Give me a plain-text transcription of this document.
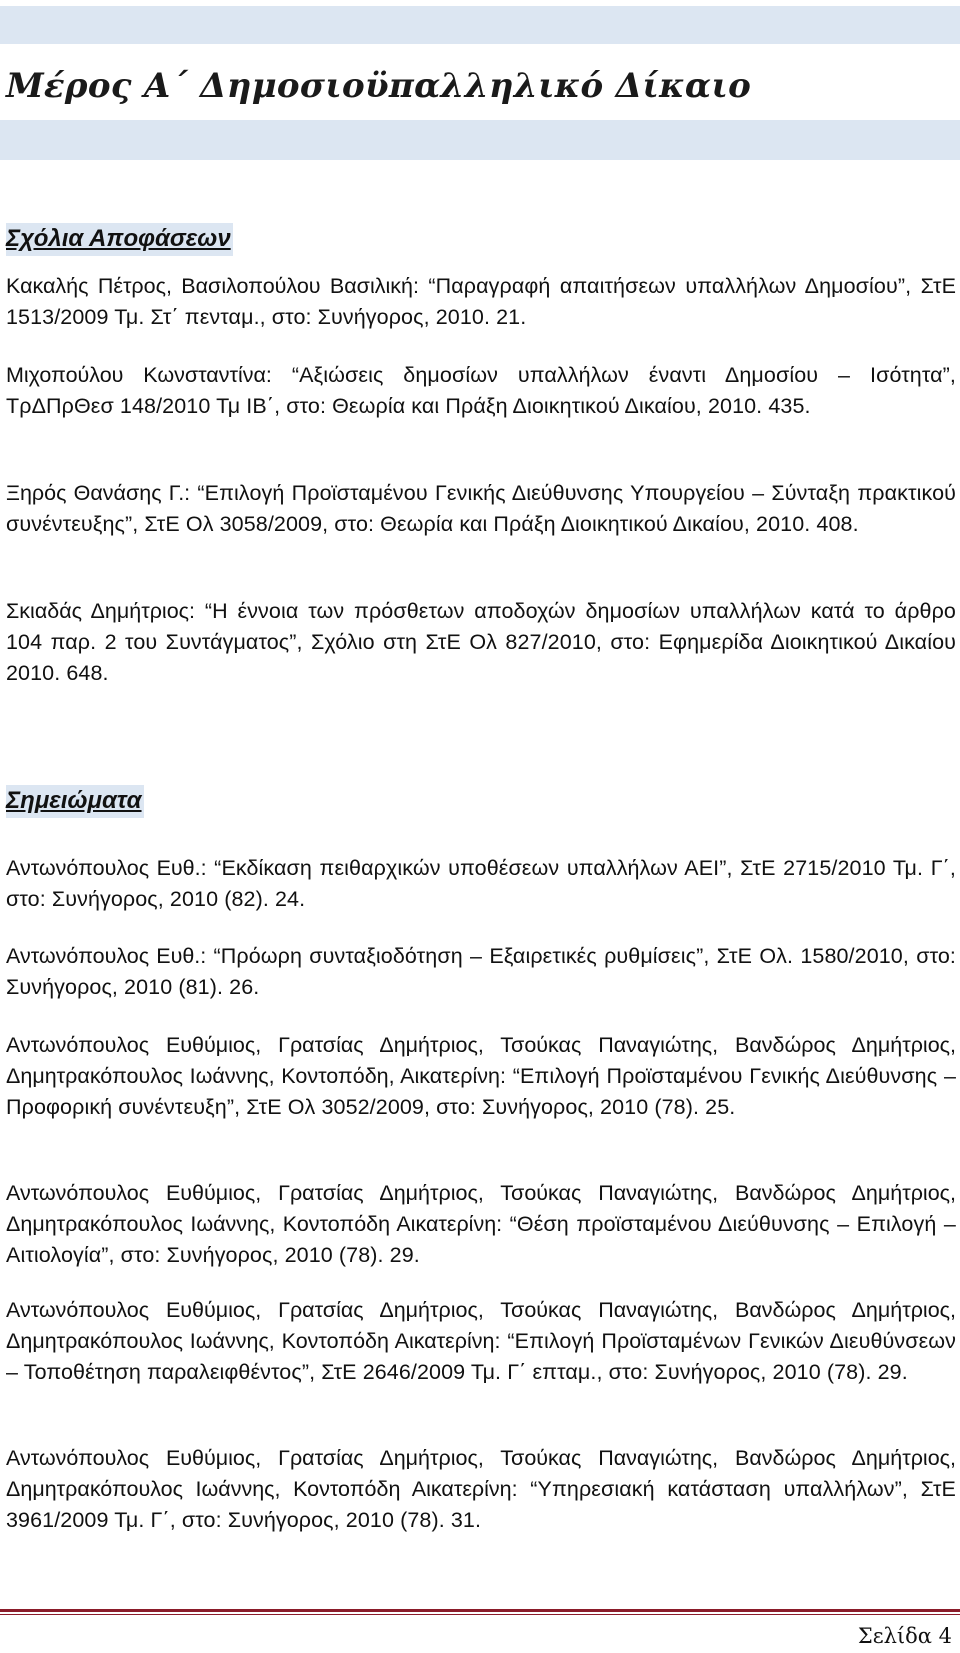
Μέρος Α΄ Δημοσιοϋπαλληλικό Δίκαιο
Σχόλια Αποφάσεων

Κακαλής Πέτρος, Βασιλοπούλου Βασιλική: “Παραγραφή απαιτήσεων υπαλλήλων Δημοσίου”, ΣτΕ 1513/2009 Τμ. Στ΄ πενταμ., στο: Συνήγορος, 2010. 21.

Μιχοπούλου Κωνσταντίνα: “Αξιώσεις δημοσίων υπαλλήλων έναντι Δημοσίου – Ισότητα”, ΤρΔΠρΘεσ 148/2010 Τμ ΙΒ΄, στο: Θεωρία και Πράξη Διοικητικού Δικαίου, 2010. 435.

Ξηρός Θανάσης Γ.: “Επιλογή Προϊσταμένου Γενικής Διεύθυνσης Υπουργείου – Σύνταξη πρακτικού συνέντευξης”, ΣτΕ Ολ 3058/2009, στο: Θεωρία και Πράξη Διοικητικού Δικαίου, 2010. 408.

Σκιαδάς Δημήτριος: “Η έννοια των πρόσθετων αποδοχών δημοσίων υπαλλήλων κατά το άρθρο 104 παρ. 2 του Συντάγματος”, Σχόλιο στη ΣτΕ Ολ 827/2010, στο: Εφημερίδα Διοικητικού Δικαίου 2010. 648.

Σημειώματα

Αντωνόπουλος Ευθ.: “Εκδίκαση πειθαρχικών υποθέσεων υπαλλήλων ΑΕΙ”, ΣτΕ 2715/2010 Τμ. Γ΄, στο: Συνήγορος, 2010 (82). 24.

Αντωνόπουλος Ευθ.: “Πρόωρη συνταξιοδότηση – Εξαιρετικές ρυθμίσεις”, ΣτΕ Ολ. 1580/2010, στο: Συνήγορος, 2010 (81). 26.

Αντωνόπουλος Ευθύμιος, Γρατσίας Δημήτριος, Τσούκας Παναγιώτης, Βανδώρος Δημήτριος, Δημητρακόπουλος Ιωάννης, Κοντοπόδη, Αικατερίνη: “Επιλογή Προϊσταμένου Γενικής Διεύθυνσης – Προφορική συνέντευξη”, ΣτΕ Ολ 3052/2009, στο: Συνήγορος, 2010 (78). 25.

Αντωνόπουλος Ευθύμιος, Γρατσίας Δημήτριος, Τσούκας Παναγιώτης, Βανδώρος Δημήτριος, Δημητρακόπουλος Ιωάννης, Κοντοπόδη Αικατερίνη: “Θέση προϊσταμένου Διεύθυνσης – Επιλογή – Αιτιολογία”, στο: Συνήγορος, 2010 (78). 29.

Αντωνόπουλος Ευθύμιος, Γρατσίας Δημήτριος, Τσούκας Παναγιώτης, Βανδώρος Δημήτριος, Δημητρακόπουλος Ιωάννης, Κοντοπόδη Αικατερίνη: “Επιλογή Προϊσταμένων Γενικών Διευθύνσεων – Τοποθέτηση παραλειφθέντος”, ΣτΕ 2646/2009 Τμ. Γ΄ επταμ., στο: Συνήγορος, 2010 (78). 29.

Αντωνόπουλος Ευθύμιος, Γρατσίας Δημήτριος, Τσούκας Παναγιώτης, Βανδώρος Δημήτριος, Δημητρακόπουλος Ιωάννης, Κοντοπόδη Αικατερίνη: “Υπηρεσιακή κατάσταση υπαλλήλων”, ΣτΕ 3961/2009 Τμ. Γ΄, στο: Συνήγορος, 2010 (78). 31.

Σελίδα 4
